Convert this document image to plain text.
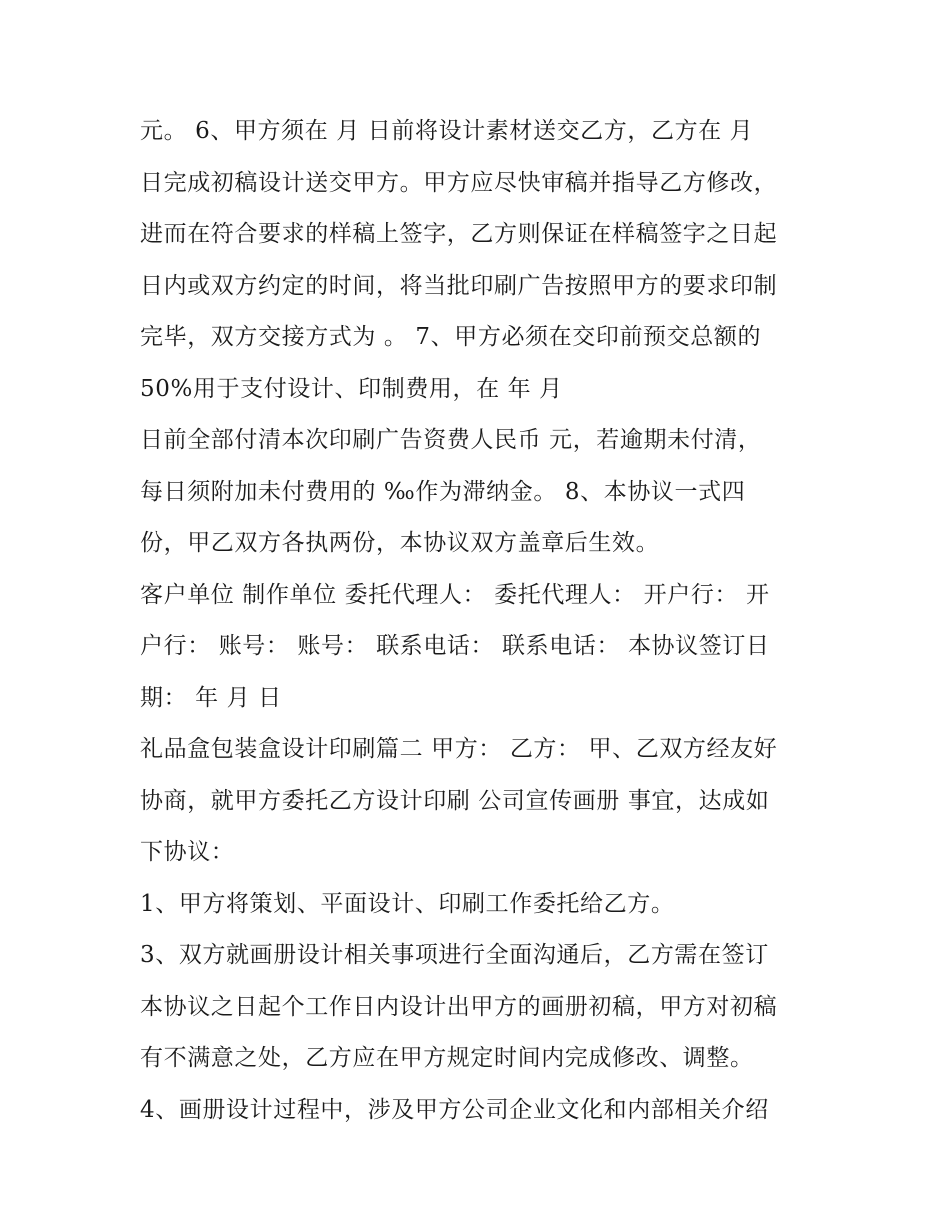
元。 6、甲方须在 月 日前将设计素材送交乙方，乙方在 月
日完成初稿设计送交甲方。甲方应尽快审稿并指导乙方修改，
进而在符合要求的样稿上签字，乙方则保证在样稿签字之日起
日内或双方约定的时间，将当批印刷广告按照甲方的要求印制
完毕，双方交接方式为 。 7、甲方必须在交印前预交总额的
50%用于支付设计、印制费用，在 年 月
日前全部付清本次印刷广告资费人民币 元，若逾期未付清，
每日须附加未付费用的 ‰作为滞纳金。 8、本协议一式四
份，甲乙双方各执两份，本协议双方盖章后生效。
客户单位 制作单位 委托代理人： 委托代理人： 开户行： 开
户行： 账号： 账号： 联系电话： 联系电话： 本协议签订日
期： 年 月 日
礼品盒包装盒设计印刷篇二 甲方： 乙方： 甲、乙双方经友好
协商，就甲方委托乙方设计印刷 公司宣传画册 事宜，达成如
下协议：
1、甲方将策划、平面设计、印刷工作委托给乙方。
3、双方就画册设计相关事项进行全面沟通后，乙方需在签订
本协议之日起个工作日内设计出甲方的画册初稿，甲方对初稿
有不满意之处，乙方应在甲方规定时间内完成修改、调整。
4、画册设计过程中，涉及甲方公司企业文化和内部相关介绍
